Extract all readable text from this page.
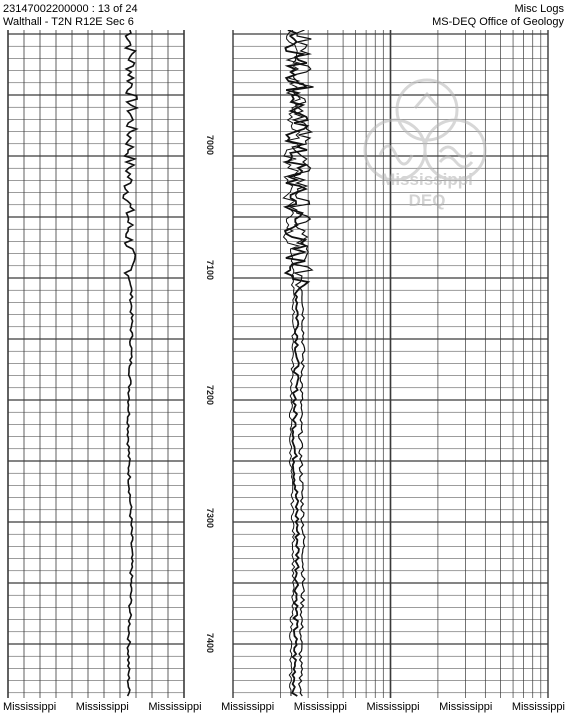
23147002200000 : 13 of 24
Walthall - T2N R12E Sec 6
Misc Logs
MS-DEQ Office of Geology
7000
7100
7200
7300
7400
Mississippi
DEQ
Mississippi Mississippi Mississippi Mississippi Mississippi Mississippi Mississippi Mississippi
